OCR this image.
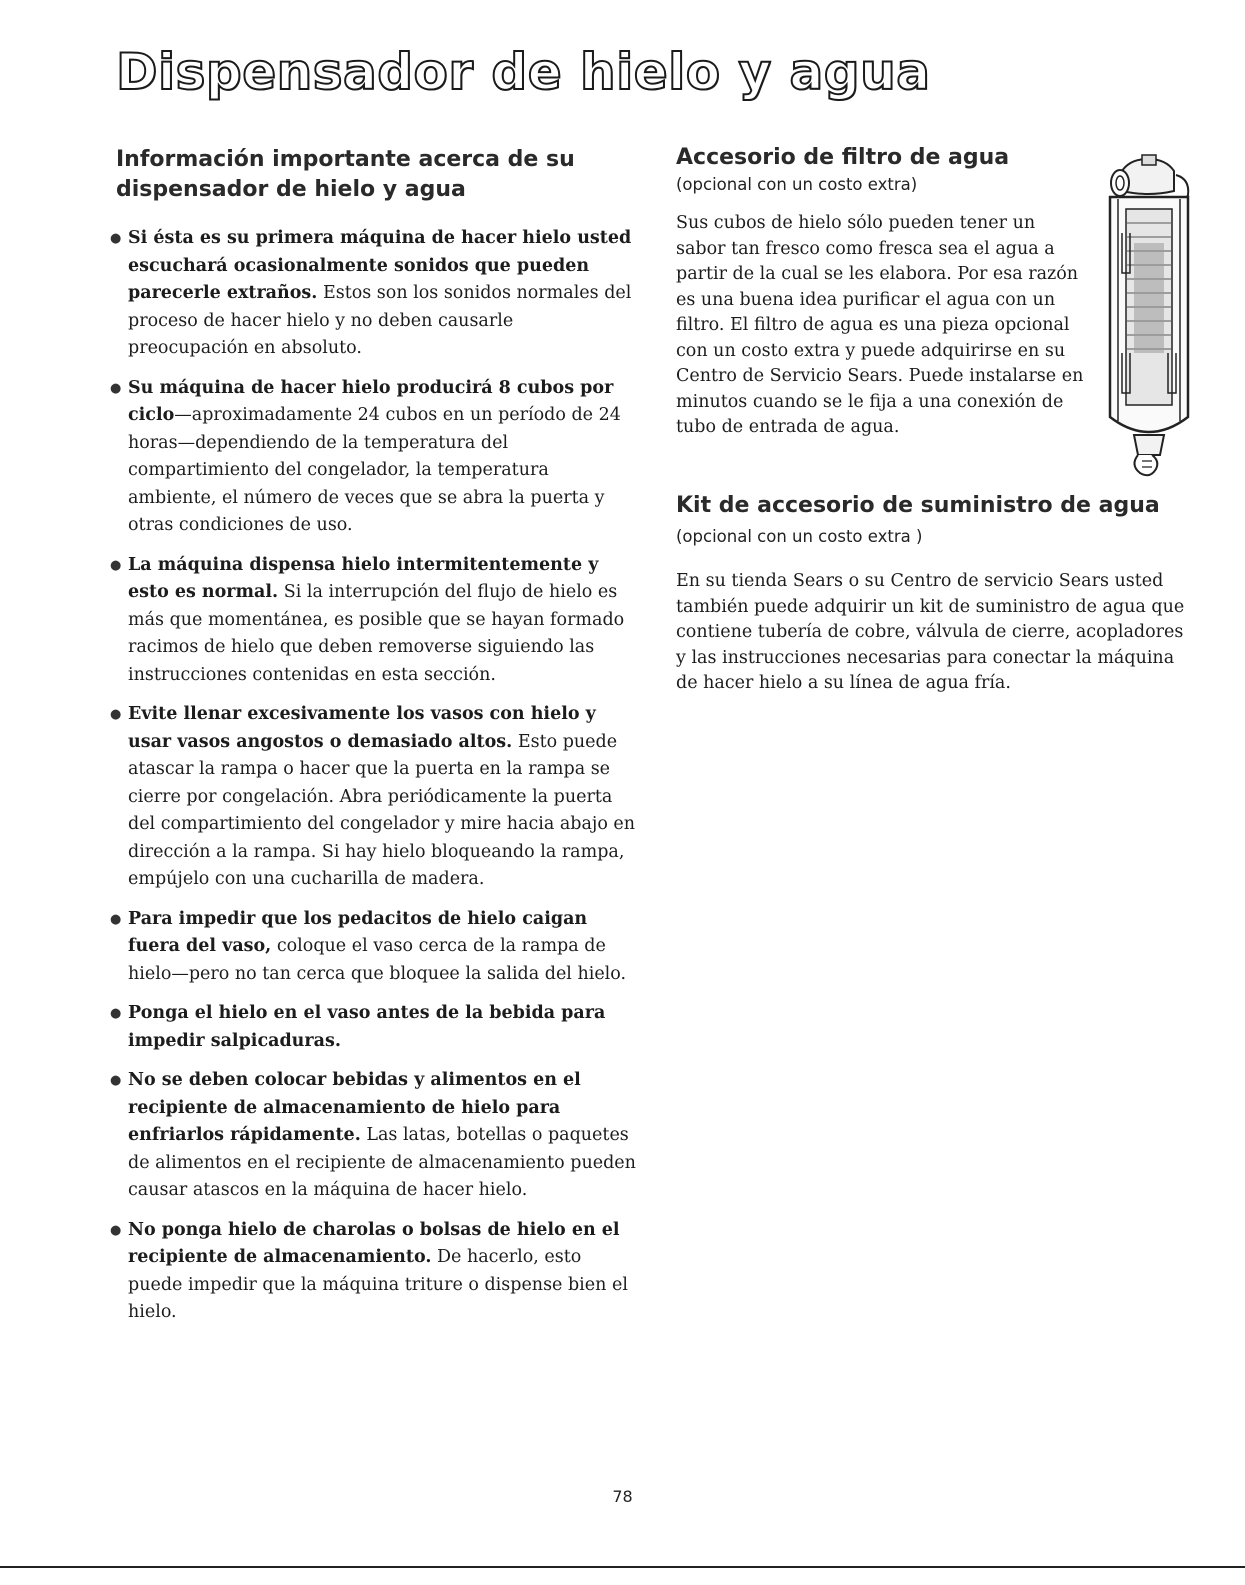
Dispensador de hielo y agua
Información importante acerca de su dispensador de hielo y agua
● Si ésta es su primera máquina de hacer hielo usted escuchará ocasionalmente sonidos que pueden parecerle extraños. Estos son los sonidos normales del proceso de hacer hielo y no deben causarle preocupación en absoluto.
● Su máquina de hacer hielo producirá 8 cubos por ciclo—aproximadamente 24 cubos en un período de 24 horas—dependiendo de la temperatura del compartimiento del congelador, la temperatura ambiente, el número de veces que se abra la puerta y otras condiciones de uso.
● La máquina dispensa hielo intermitentemente y esto es normal. Si la interrupción del flujo de hielo es más que momentánea, es posible que se hayan formado racimos de hielo que deben removerse siguiendo las instrucciones contenidas en esta sección.
● Evite llenar excesivamente los vasos con hielo y usar vasos angostos o demasiado altos. Esto puede atascar la rampa o hacer que la puerta en la rampa se cierre por congelación. Abra periódicamente la puerta del compartimiento del congelador y mire hacia abajo en dirección a la rampa. Si hay hielo bloqueando la rampa, empújelo con una cucharilla de madera.
● Para impedir que los pedacitos de hielo caigan fuera del vaso, coloque el vaso cerca de la rampa de hielo—pero no tan cerca que bloquee la salida del hielo.
● Ponga el hielo en el vaso antes de la bebida para impedir salpicaduras.
● No se deben colocar bebidas y alimentos en el recipiente de almacenamiento de hielo para enfriarlos rápidamente. Las latas, botellas o paquetes de alimentos en el recipiente de almacenamiento pueden causar atascos en la máquina de hacer hielo.
● No ponga hielo de charolas o bolsas de hielo en el recipiente de almacenamiento. De hacerlo, esto puede impedir que la máquina triture o dispense bien el hielo.
Accesorio de filtro de agua
(opcional con un costo extra)

Sus cubos de hielo sólo pueden tener un sabor tan fresco como fresca sea el agua a partir de la cual se les elabora. Por esa razón es una buena idea purificar el agua con un filtro. El filtro de agua es una pieza opcional con un costo extra y puede adquirirse en su Centro de Servicio Sears. Puede instalarse en minutos cuando se le fija a una conexión de tubo de entrada de agua.

Kit de accesorio de suministro de agua (opcional con un costo extra )

En su tienda Sears o su Centro de servicio Sears usted también puede adquirir un kit de suministro de agua que contiene tubería de cobre, válvula de cierre, acopladores y las instrucciones necesarias para conectar la máquina de hacer hielo a su línea de agua fría.

78
